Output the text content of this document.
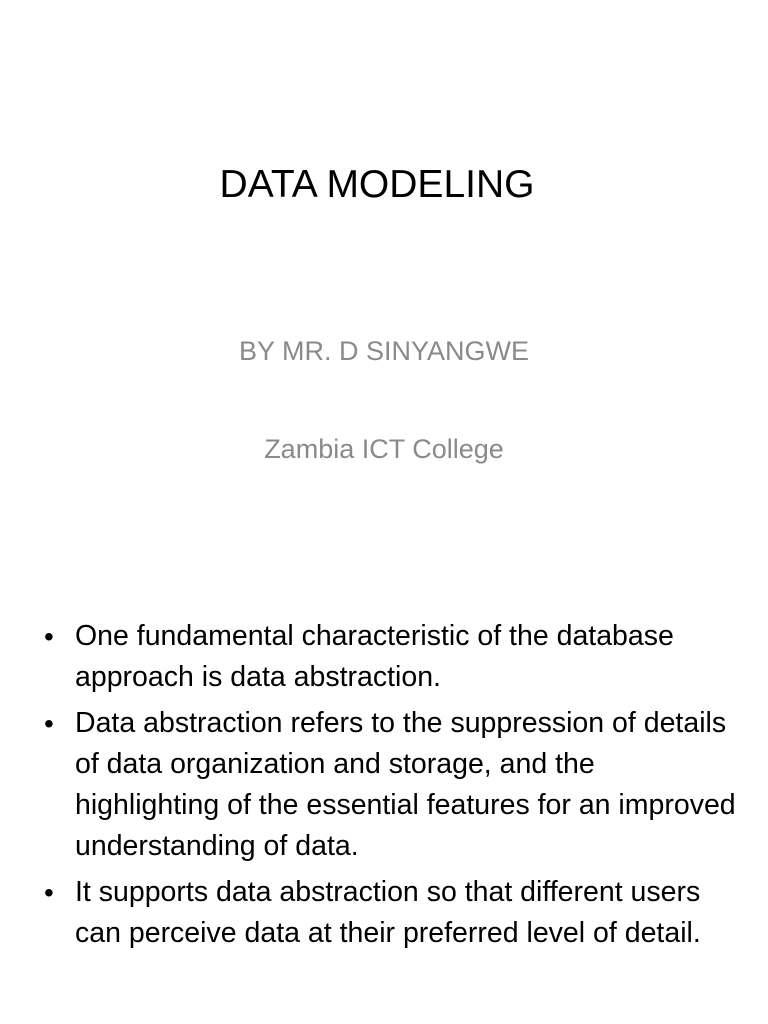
DATA MODELING

BY MR. D SINYANGWE

Zambia ICT College

• One fundamental characteristic of the database approach is data abstraction.
• Data abstraction refers to the suppression of details of data organization and storage, and the highlighting of the essential features for an improved understanding of data.
• It supports data abstraction so that different users can perceive data at their preferred level of detail.
